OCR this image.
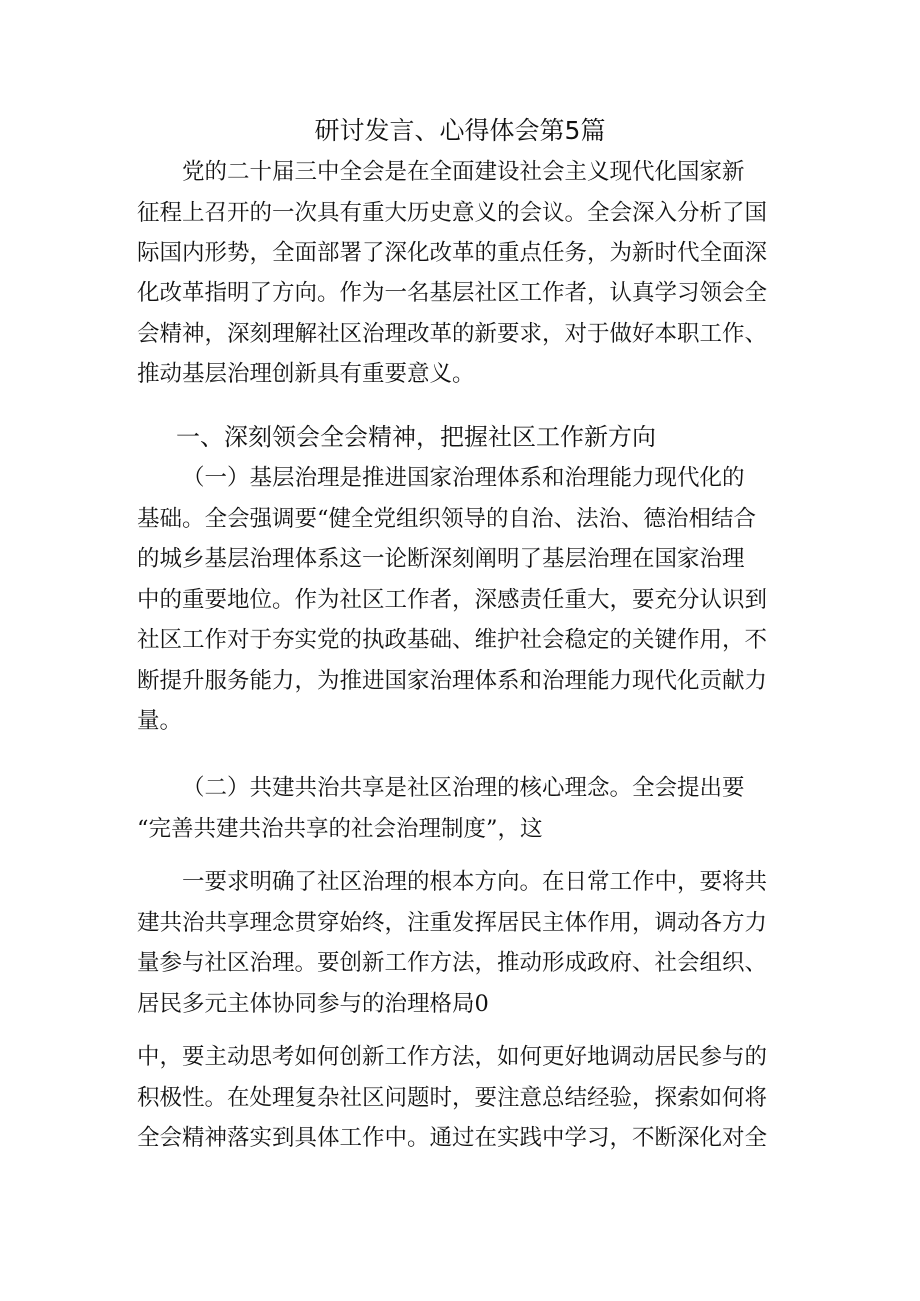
研讨发言、心得体会第5篇
党的二十届三中全会是在全面建设社会主义现代化国家新
征程上召开的一次具有重大历史意义的会议。全会深入分析了国
际国内形势，全面部署了深化改革的重点任务，为新时代全面深
化改革指明了方向。作为一名基层社区工作者，认真学习领会全
会精神，深刻理解社区治理改革的新要求，对于做好本职工作、
推动基层治理创新具有重要意义。
一、深刻领会全会精神，把握社区工作新方向
（一）基层治理是推进国家治理体系和治理能力现代化的
基础。全会强调要“健全党组织领导的自治、法治、德治相结合
的城乡基层治理体系这一论断深刻阐明了基层治理在国家治理
中的重要地位。作为社区工作者，深感责任重大，要充分认识到
社区工作对于夯实党的执政基础、维护社会稳定的关键作用，不
断提升服务能力，为推进国家治理体系和治理能力现代化贡献力
量。
（二）共建共治共享是社区治理的核心理念。全会提出要
“完善共建共治共享的社会治理制度”，这
一要求明确了社区治理的根本方向。在日常工作中，要将共
建共治共享理念贯穿始终，注重发挥居民主体作用，调动各方力
量参与社区治理。要创新工作方法，推动形成政府、社会组织、
居民多元主体协同参与的治理格局0
中，要主动思考如何创新工作方法，如何更好地调动居民参与的
积极性。在处理复杂社区问题时，要注意总结经验，探索如何将
全会精神落实到具体工作中。通过在实践中学习，不断深化对全
